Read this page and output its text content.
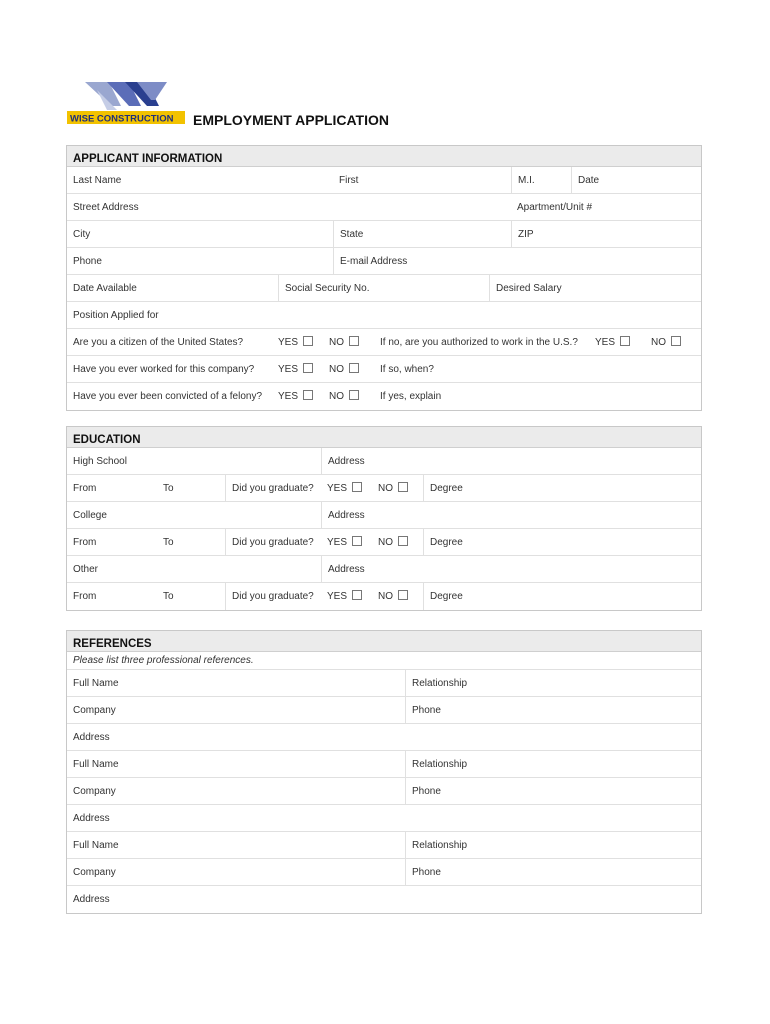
WISE CONSTRUCTION EMPLOYMENT APPLICATION
APPLICANT INFORMATION
Last Name	First	M.I.	Date
Street Address	Apartment/Unit #
City	State	ZIP
Phone	E-mail Address
Date Available	Social Security No.	Desired Salary
Position Applied for
Are you a citizen of the United States?	YES	NO	If no, are you authorized to work in the U.S.?	YES	NO
Have you ever worked for this company?	YES	NO	If so, when?
Have you ever been convicted of a felony?	YES	NO	If yes, explain
EDUCATION
High School	Address
From	To	Did you graduate?	YES	NO	Degree
College	Address
From	To	Did you graduate?	YES	NO	Degree
Other	Address
From	To	Did you graduate?	YES	NO	Degree
REFERENCES
Please list three professional references.
Full Name	Relationship
Company	Phone
Address
Full Name	Relationship
Company	Phone
Address
Full Name	Relationship
Company	Phone
Address
